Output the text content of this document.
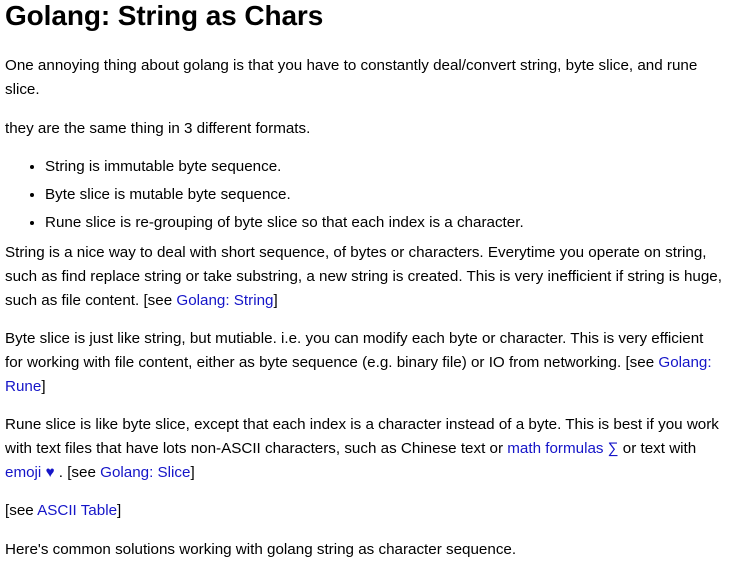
Golang: String as Chars

One annoying thing about golang is that you have to constantly deal/convert string, byte slice, and rune slice.

they are the same thing in 3 different formats.

• String is immutable byte sequence.
• Byte slice is mutable byte sequence.
• Rune slice is re-grouping of byte slice so that each index is a character.

String is a nice way to deal with short sequence, of bytes or characters. Everytime you operate on string, such as find replace string or take substring, a new string is created. This is very inefficient if string is huge, such as file content. [see Golang: String]

Byte slice is just like string, but mutiable. i.e. you can modify each byte or character. This is very efficient for working with file content, either as byte sequence (e.g. binary file) or IO from networking. [see Golang: Rune]

Rune slice is like byte slice, except that each index is a character instead of a byte. This is best if you work with text files that have lots non-ASCII characters, such as Chinese text or math formulas ∑ or text with emoji ♥ . [see Golang: Slice]

[see ASCII Table]

Here's common solutions working with golang string as character sequence.
